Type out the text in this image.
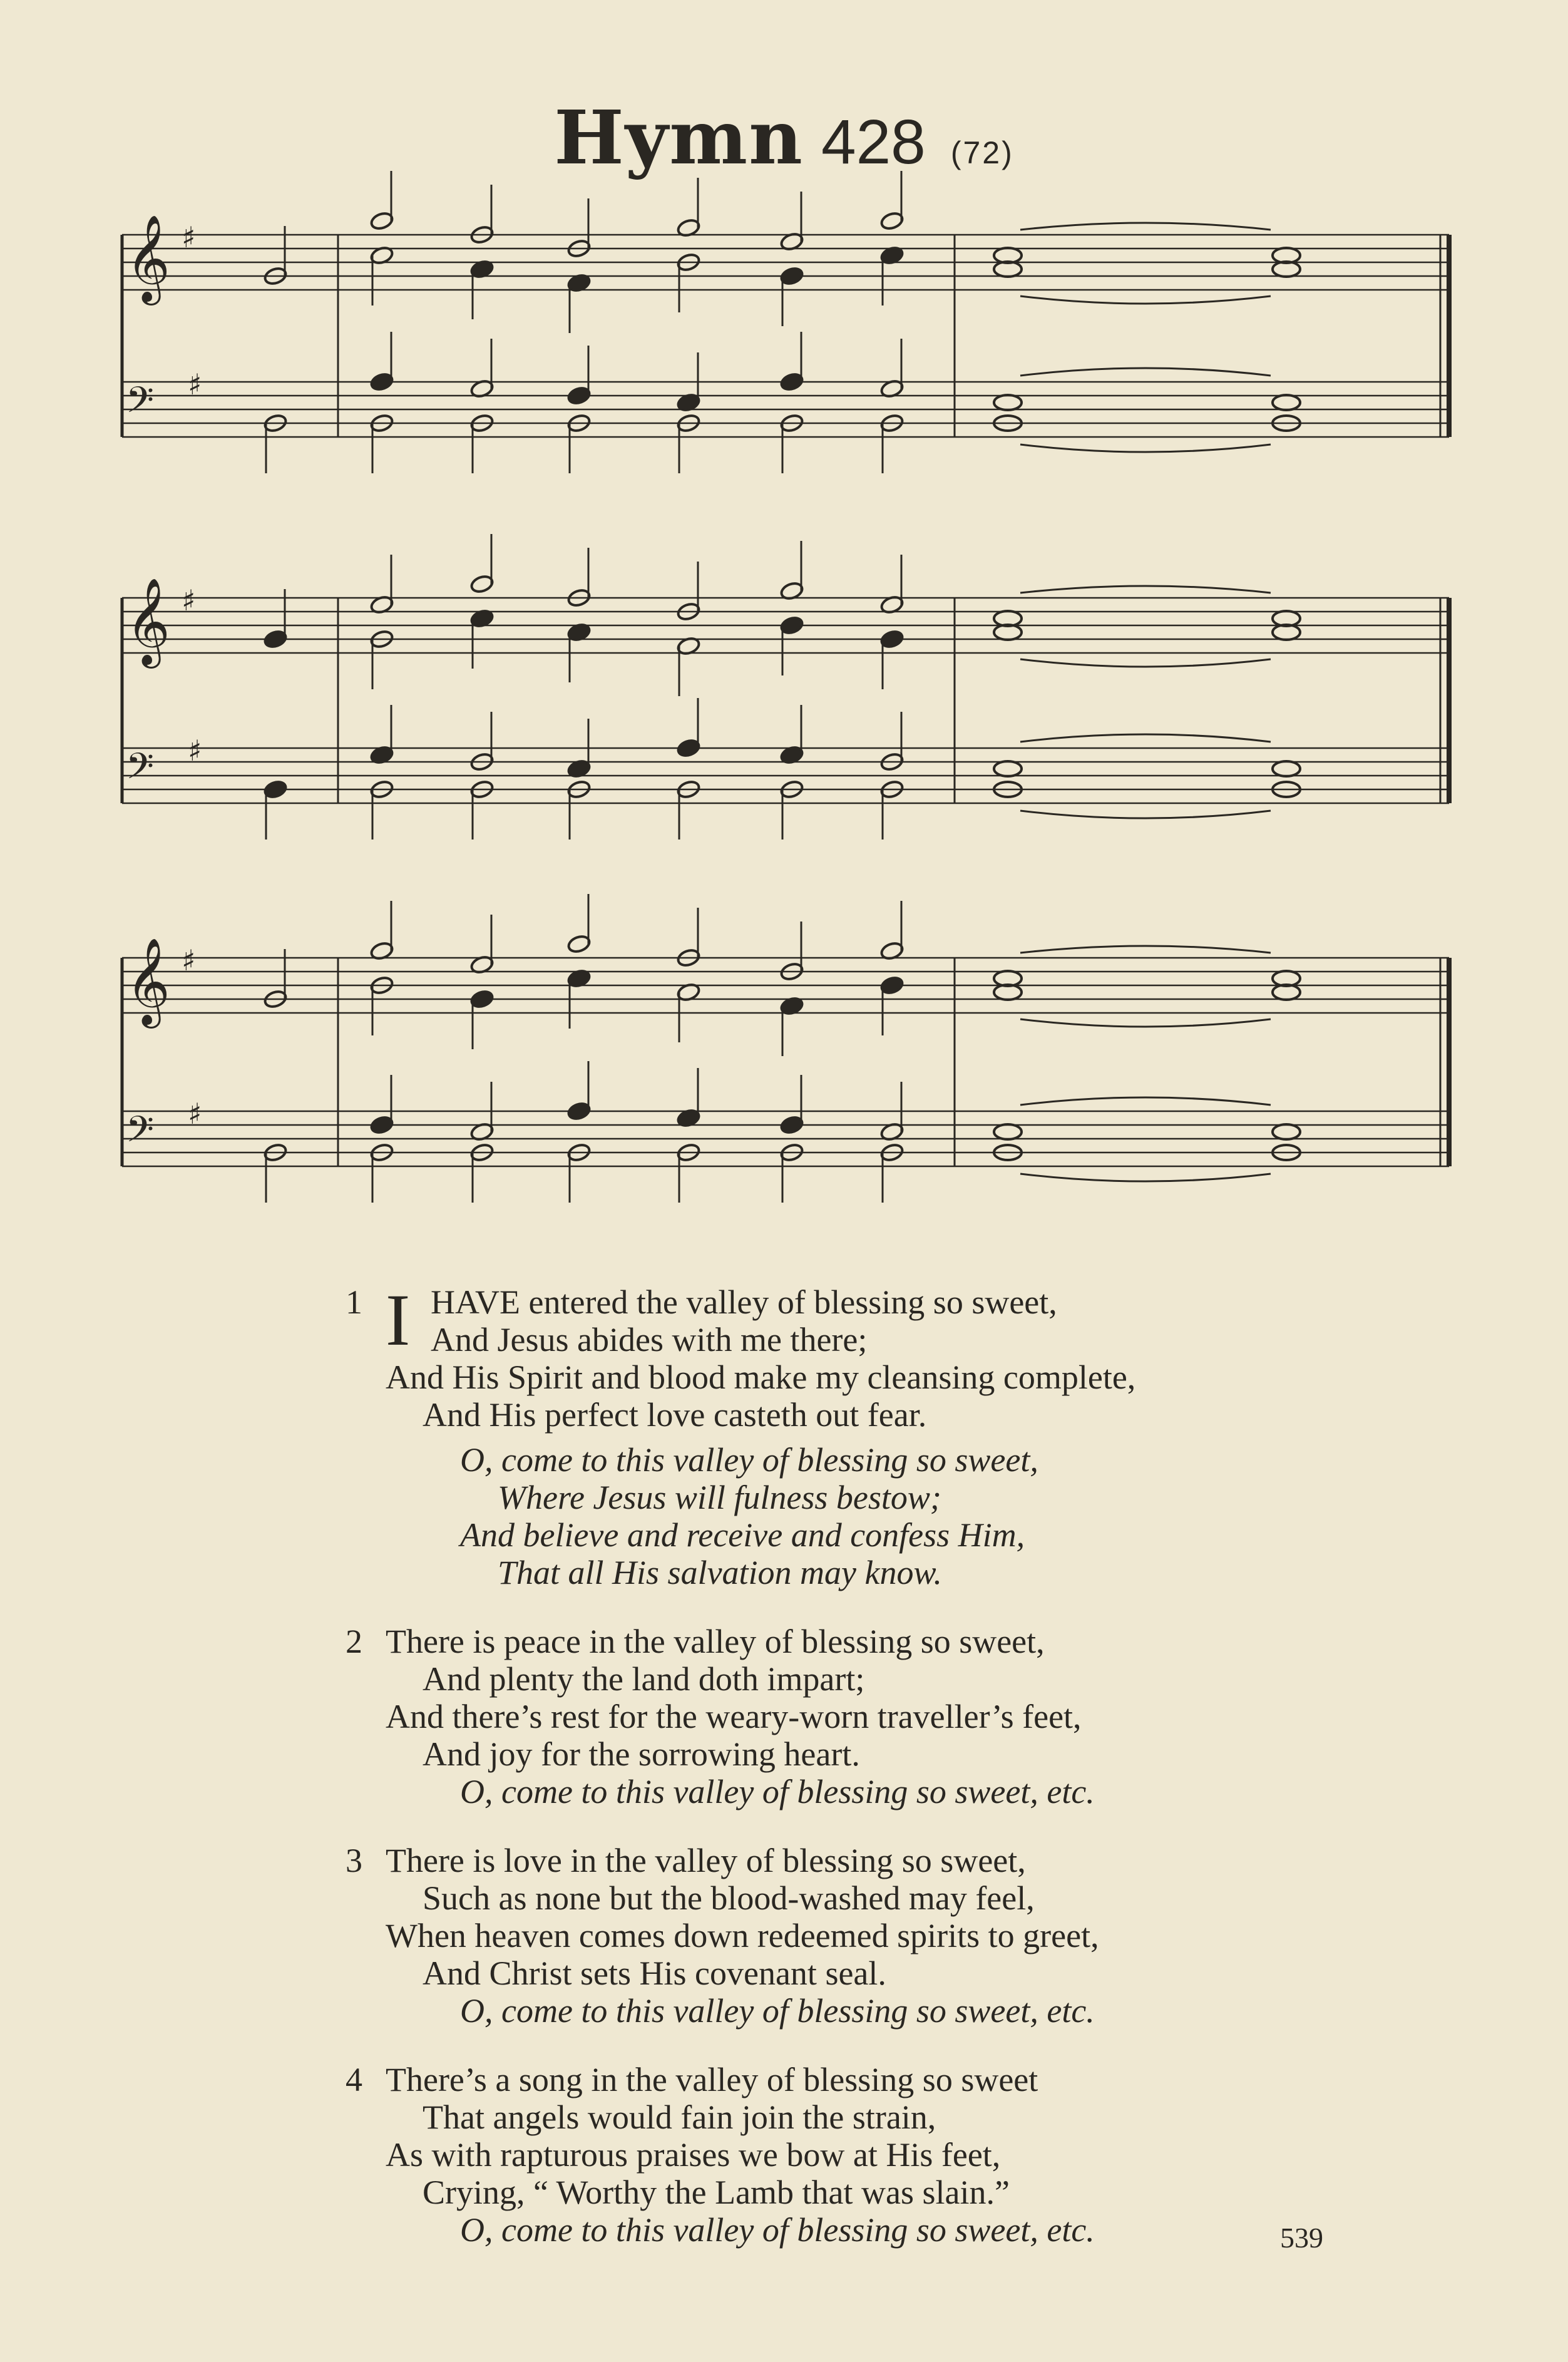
Hymn 428 (72)
𝄞 ♯
𝄢 ♯
𝄞 ♯
𝄢 ♯
𝄞 ♯
𝄢 ♯
1 I HAVE entered the valley of blessing so sweet,
And Jesus abides with me there;
And His Spirit and blood make my cleansing complete,
And His perfect love casteth out fear.
O, come to this valley of blessing so sweet,
Where Jesus will fulness bestow;
And believe and receive and confess Him,
That all His salvation may know.
2 There is peace in the valley of blessing so sweet,
And plenty the land doth impart;
And there’s rest for the weary-worn traveller’s feet,
And joy for the sorrowing heart.
O, come to this valley of blessing so sweet, etc.
3 There is love in the valley of blessing so sweet,
Such as none but the blood-washed may feel,
When heaven comes down redeemed spirits to greet,
And Christ sets His covenant seal.
O, come to this valley of blessing so sweet, etc.
4 There’s a song in the valley of blessing so sweet
That angels would fain join the strain,
As with rapturous praises we bow at His feet,
Crying, “ Worthy the Lamb that was slain.”
O, come to this valley of blessing so sweet, etc.	539
